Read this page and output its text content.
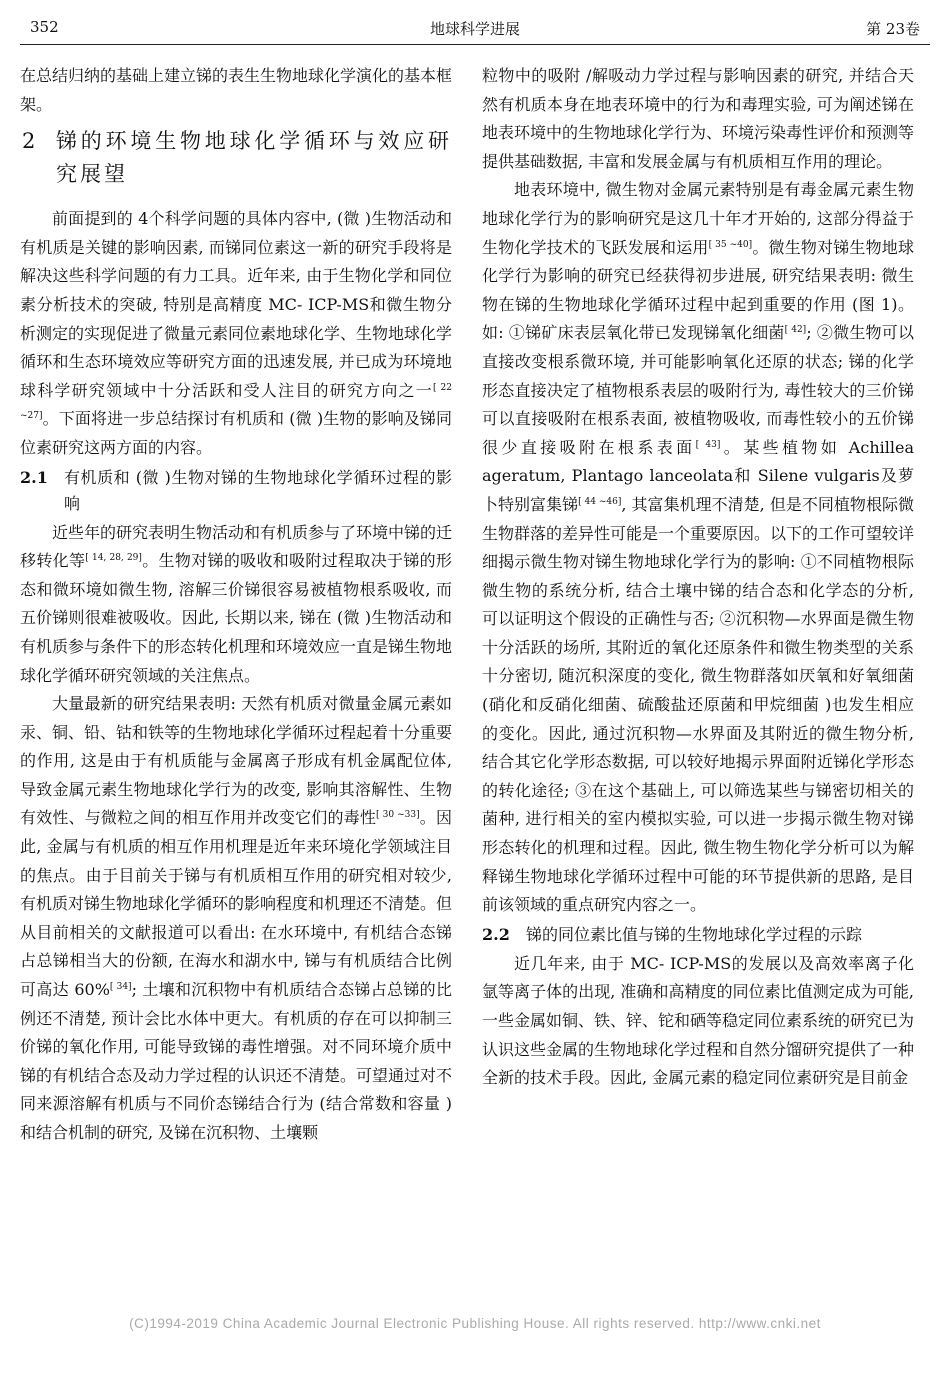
352	地球科学进展	第 23卷

在总结归纳的基础上建立锑的表生生物地球化学演化的基本框架。

2 锑的环境生物地球化学循环与效应研究展望

前面提到的 4个科学问题的具体内容中, (微 )生物活动和有机质是关键的影响因素, 而锑同位素这一新的研究手段将是解决这些科学问题的有力工具。近年来, 由于生物化学和同位素分析技术的突破, 特别是高精度 MC- ICP-MS和微生物分析测定的实现促进了微量元素同位素地球化学、生物地球化学循环和生态环境效应等研究方面的迅速发展, 并已成为环境地球科学研究领域中十分活跃和受人注目的研究方向之一[ 22 ~27]。下面将进一步总结探讨有机质和 (微 )生物的影响及锑同位素研究这两方面的内容。

2.1	有机质和 (微 )生物对锑的生物地球化学循环过程的影响

近些年的研究表明生物活动和有机质参与了环境中锑的迁移转化等[ 14, 28, 29]。生物对锑的吸收和吸附过程取决于锑的形态和微环境如微生物, 溶解三价锑很容易被植物根系吸收, 而五价锑则很难被吸收。因此, 长期以来, 锑在 (微 )生物活动和有机质参与条件下的形态转化机理和环境效应一直是锑生物地球化学循环研究领域的关注焦点。

大量最新的研究结果表明: 天然有机质对微量金属元素如汞、铜、铅、钴和铁等的生物地球化学循环过程起着十分重要的作用, 这是由于有机质能与金属离子形成有机金属配位体, 导致金属元素生物地球化学行为的改变, 影响其溶解性、生物有效性、与微粒之间的相互作用并改变它们的毒性[ 30 ~33]。因此, 金属与有机质的相互作用机理是近年来环境化学领域注目的焦点。由于目前关于锑与有机质相互作用的研究相对较少, 有机质对锑生物地球化学循环的影响程度和机理还不清楚。但从目前相关的文献报道可以看出: 在水环境中, 有机结合态锑占总锑相当大的份额, 在海水和湖水中, 锑与有机质结合比例可高达 60%[ 34]; 土壤和沉积物中有机质结合态锑占总锑的比例还不清楚, 预计会比水体中更大。有机质的存在可以抑制三价锑的氧化作用, 可能导致锑的毒性增强。对不同环境介质中锑的有机结合态及动力学过程的认识还不清楚。可望通过对不同来源溶解有机质与不同价态锑结合行为 (结合常数和容量 )和结合机制的研究, 及锑在沉积物、土壤颗

粒物中的吸附 /解吸动力学过程与影响因素的研究, 并结合天然有机质本身在地表环境中的行为和毒理实验, 可为阐述锑在地表环境中的生物地球化学行为、环境污染毒性评价和预测等提供基础数据, 丰富和发展金属与有机质相互作用的理论。

地表环境中, 微生物对金属元素特别是有毒金属元素生物地球化学行为的影响研究是这几十年才开始的, 这部分得益于生物化学技术的飞跃发展和运用[ 35 ~40]。微生物对锑生物地球化学行为影响的研究已经获得初步进展, 研究结果表明: 微生物在锑的生物地球化学循环过程中起到重要的作用 (图 1)。如: ①锑矿床表层氧化带已发现锑氧化细菌[ 42]; ②微生物可以直接改变根系微环境, 并可能影响氧化还原的状态; 锑的化学形态直接决定了植物根系表层的吸附行为, 毒性较大的三价锑可以直接吸附在根系表面, 被植物吸收, 而毒性较小的五价锑很少直接吸附在根系表面[ 43]。某些植物如 Achillea ageratum, Plantago lanceolata和 Silene vulgaris及萝卜特别富集锑[ 44 ~46], 其富集机理不清楚, 但是不同植物根际微生物群落的差异性可能是一个重要原因。以下的工作可望较详细揭示微生物对锑生物地球化学行为的影响: ①不同植物根际微生物的系统分析, 结合土壤中锑的结合态和化学态的分析, 可以证明这个假设的正确性与否; ②沉积物—水界面是微生物十分活跃的场所, 其附近的氧化还原条件和微生物类型的关系十分密切, 随沉积深度的变化, 微生物群落如厌氧和好氧细菌 (硝化和反硝化细菌、硫酸盐还原菌和甲烷细菌 )也发生相应的变化。因此, 通过沉积物—水界面及其附近的微生物分析, 结合其它化学形态数据, 可以较好地揭示界面附近锑化学形态的转化途径; ③在这个基础上, 可以筛选某些与锑密切相关的菌种, 进行相关的室内模拟实验, 可以进一步揭示微生物对锑形态转化的机理和过程。因此, 微生物生物化学分析可以为解释锑生物地球化学循环过程中可能的环节提供新的思路, 是目前该领域的重点研究内容之一。

2.2	锑的同位素比值与锑的生物地球化学过程的示踪

近几年来, 由于 MC- ICP-MS的发展以及高效率离子化氩等离子体的出现, 准确和高精度的同位素比值测定成为可能, 一些金属如铜、铁、锌、铊和硒等稳定同位素系统的研究已为认识这些金属的生物地球化学过程和自然分馏研究提供了一种全新的技术手段。因此, 金属元素的稳定同位素研究是目前金

(C)1994-2019 China Academic Journal Electronic Publishing House. All rights reserved. http://www.cnki.net
